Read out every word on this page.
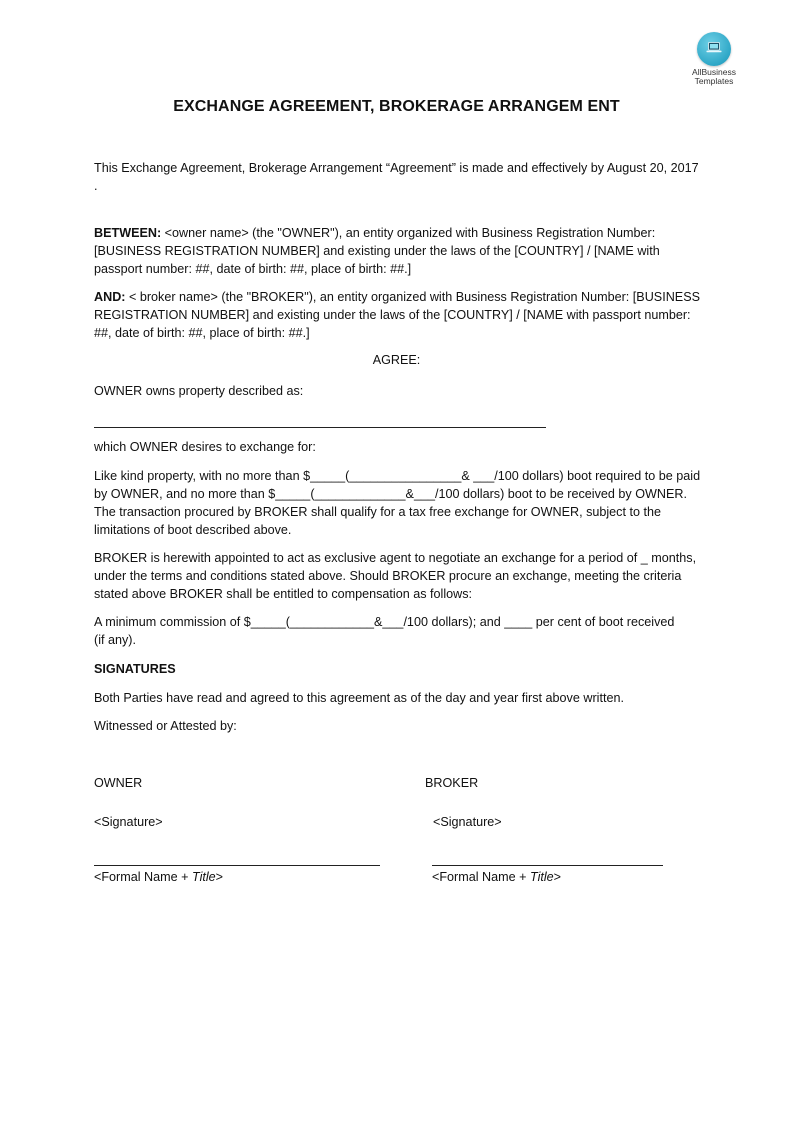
AllBusiness
Templates
EXCHANGE AGREEMENT, BROKERAGE ARRANGEM ENT

This Exchange Agreement, Brokerage Arrangement “Agreement” is made and effectively by August 20, 2017 .

BETWEEN: <owner name> (the "OWNER"), an entity organized with Business Registration Number: [BUSINESS REGISTRATION NUMBER] and existing under the laws of the [COUNTRY] / [NAME with passport number: ##, date of birth: ##, place of birth: ##.]

AND: < broker name> (the "BROKER"), an entity organized with Business Registration Number: [BUSINESS REGISTRATION NUMBER] and existing under the laws of the [COUNTRY] / [NAME with passport number: ##, date of birth: ##, place of birth: ##.]

AGREE:

OWNER owns property described as:

which OWNER desires to exchange for:

Like kind property, with no more than $_____(________________& ___/100 dollars) boot required to be paid by OWNER, and no more than $_____(_____________&___/100 dollars) boot to be received by OWNER. The transaction procured by BROKER shall qualify for a tax free exchange for OWNER, subject to the limitations of boot described above.

BROKER is herewith appointed to act as exclusive agent to negotiate an exchange for a period of _ months, under the terms and conditions stated above. Should BROKER procure an exchange, meeting the criteria stated above BROKER shall be entitled to compensation as follows:

A minimum commission of $_____(____________&___/100 dollars); and ____ per cent of boot received (if any).

SIGNATURES

Both Parties have read and agreed to this agreement as of the day and year first above written.

Witnessed or Attested by:

OWNER
<Signature>
<Formal Name + Title>
BROKER
<Signature>
<Formal Name + Title>
